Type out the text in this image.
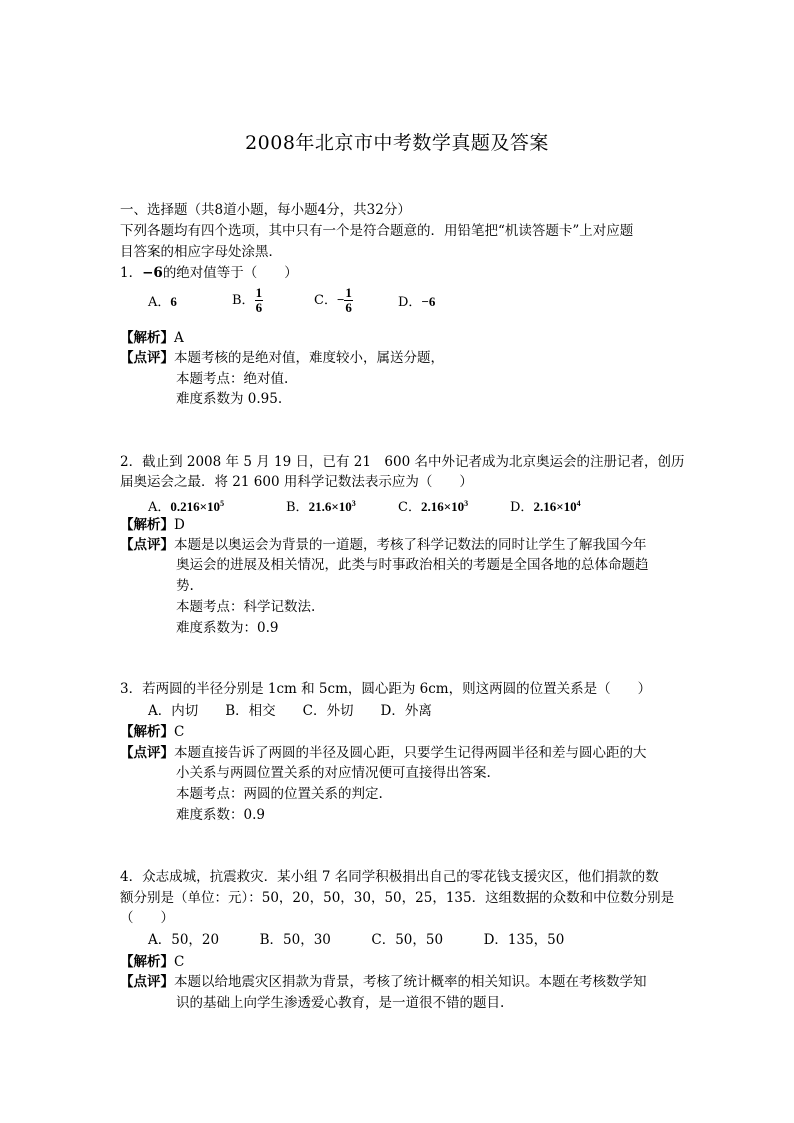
2008年北京市中考数学真题及答案
一、选择题（共8道小题，每小题4分，共32分）
下列各题均有四个选项，其中只有一个是符合题意的．用铅笔把“机读答题卡”上对应题
目答案的相应字母处涂黑．
1．−6的绝对值等于（　　）
A．6	B． $\frac{1}{6}$	C．− $\frac{1}{6}$	D．−6
【解析】A
【点评】本题考核的是绝对值，难度较小，属送分题，
本题考点：绝对值.
难度系数为 0.95.
2．截止到 2008 年 5 月 19 日，已有 21　600 名中外记者成为北京奥运会的注册记者，创历
届奥运会之最．将 21 600 用科学记数法表示应为（　　）
A．$0.216\times 10^5$	B．$21.6\times 10^3$	C．$2.16\times 10^3$	D．$2.16\times 10^4$
【解析】D
【点评】本题是以奥运会为背景的一道题，考核了科学记数法的同时让学生了解我国今年
奥运会的进展及相关情况，此类与时事政治相关的考题是全国各地的总体命题趋
势.
本题考点：科学记数法.
难度系数为：0.9
3．若两圆的半径分别是 1cm 和 5cm，圆心距为 6cm，则这两圆的位置关系是（　　）
A．内切　　B．相交　　C．外切　　D．外离
【解析】C
【点评】本题直接告诉了两圆的半径及圆心距，只要学生记得两圆半径和差与圆心距的大
小关系与两圆位置关系的对应情况便可直接得出答案.
本题考点：两圆的位置关系的判定.
难度系数：0.9
4．众志成城，抗震救灾．某小组 7 名同学积极捐出自己的零花钱支援灾区，他们捐款的数
额分别是（单位：元）：50，20，50，30，50，25，135．这组数据的众数和中位数分别是
（　　）
A．50，20　　　B．50，30　　　C．50，50　　　D．135，50
【解析】C
【点评】本题以给地震灾区捐款为背景，考核了统计概率的相关知识。本题在考核数学知
识的基础上向学生渗透爱心教育，是一道很不错的题目.
